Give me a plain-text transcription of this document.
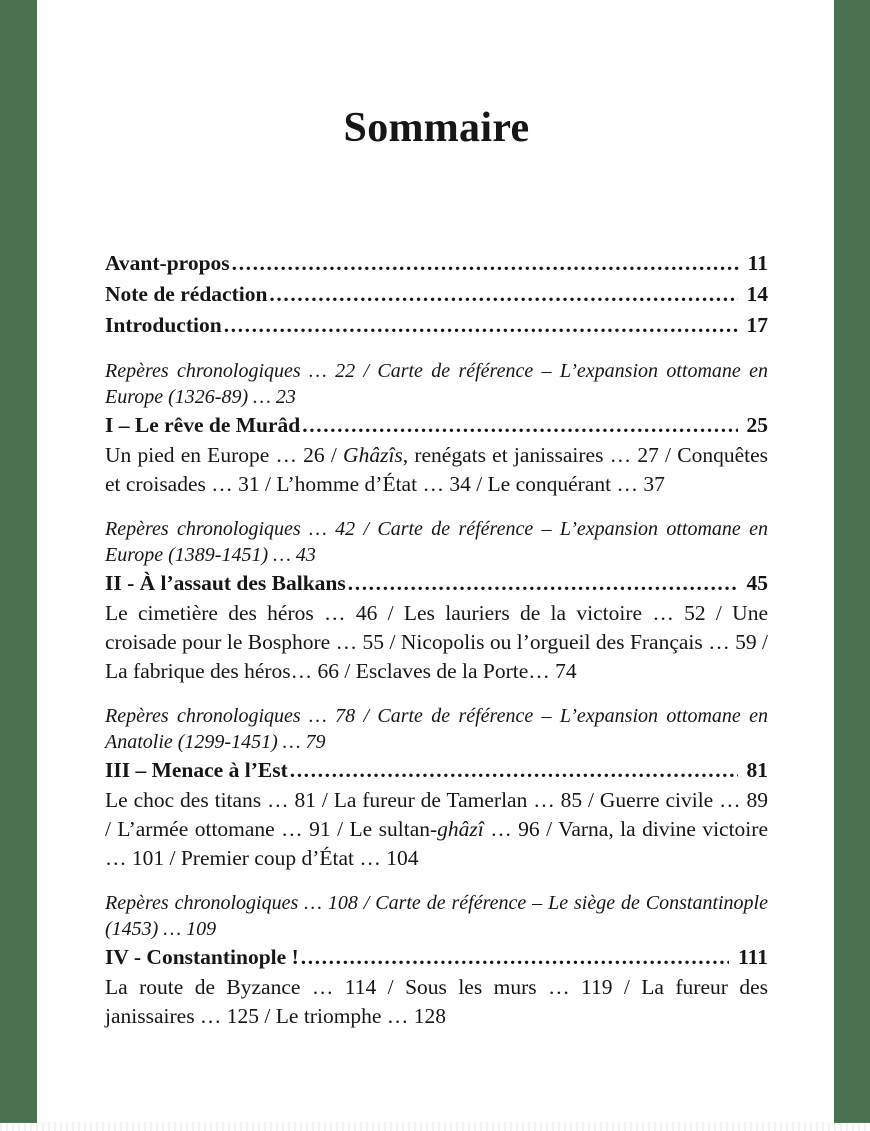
Sommaire
Avant-propos .....	11
Note de rédaction .....	14
Introduction .....	17

Repères chronologiques … 22 / Carte de référence – L’expansion ottomane en Europe (1326-89) … 23

I – Le rêve de Murâd .....	25

Un pied en Europe … 26 / Ghâzîs, renégats et janissaires … 27 / Conquêtes et croisades … 31 / L’homme d’État … 34 / Le conquérant … 37

Repères chronologiques … 42 / Carte de référence – L’expansion ottomane en Europe (1389-1451) … 43

II - À l’assaut des Balkans .....	45

Le cimetière des héros … 46 / Les lauriers de la victoire … 52 / Une croisade pour le Bosphore … 55 / Nicopolis ou l’orgueil des Français … 59 / La fabrique des héros… 66 / Esclaves de la Porte… 74

Repères chronologiques … 78 / Carte de référence – L’expansion ottomane en Anatolie (1299-1451) … 79

III – Menace à l’Est .....	81

Le choc des titans … 81 / La fureur de Tamerlan … 85 / Guerre civile … 89 / L’armée ottomane … 91 / Le sultan-ghâzî … 96 / Varna, la divine victoire … 101 / Premier coup d’État … 104

Repères chronologiques … 108 / Carte de référence – Le siège de Constantinople (1453) … 109

IV - Constantinople ! .....	111

La route de Byzance … 114 / Sous les murs … 119 / La fureur des janissaires … 125 / Le triomphe … 128
